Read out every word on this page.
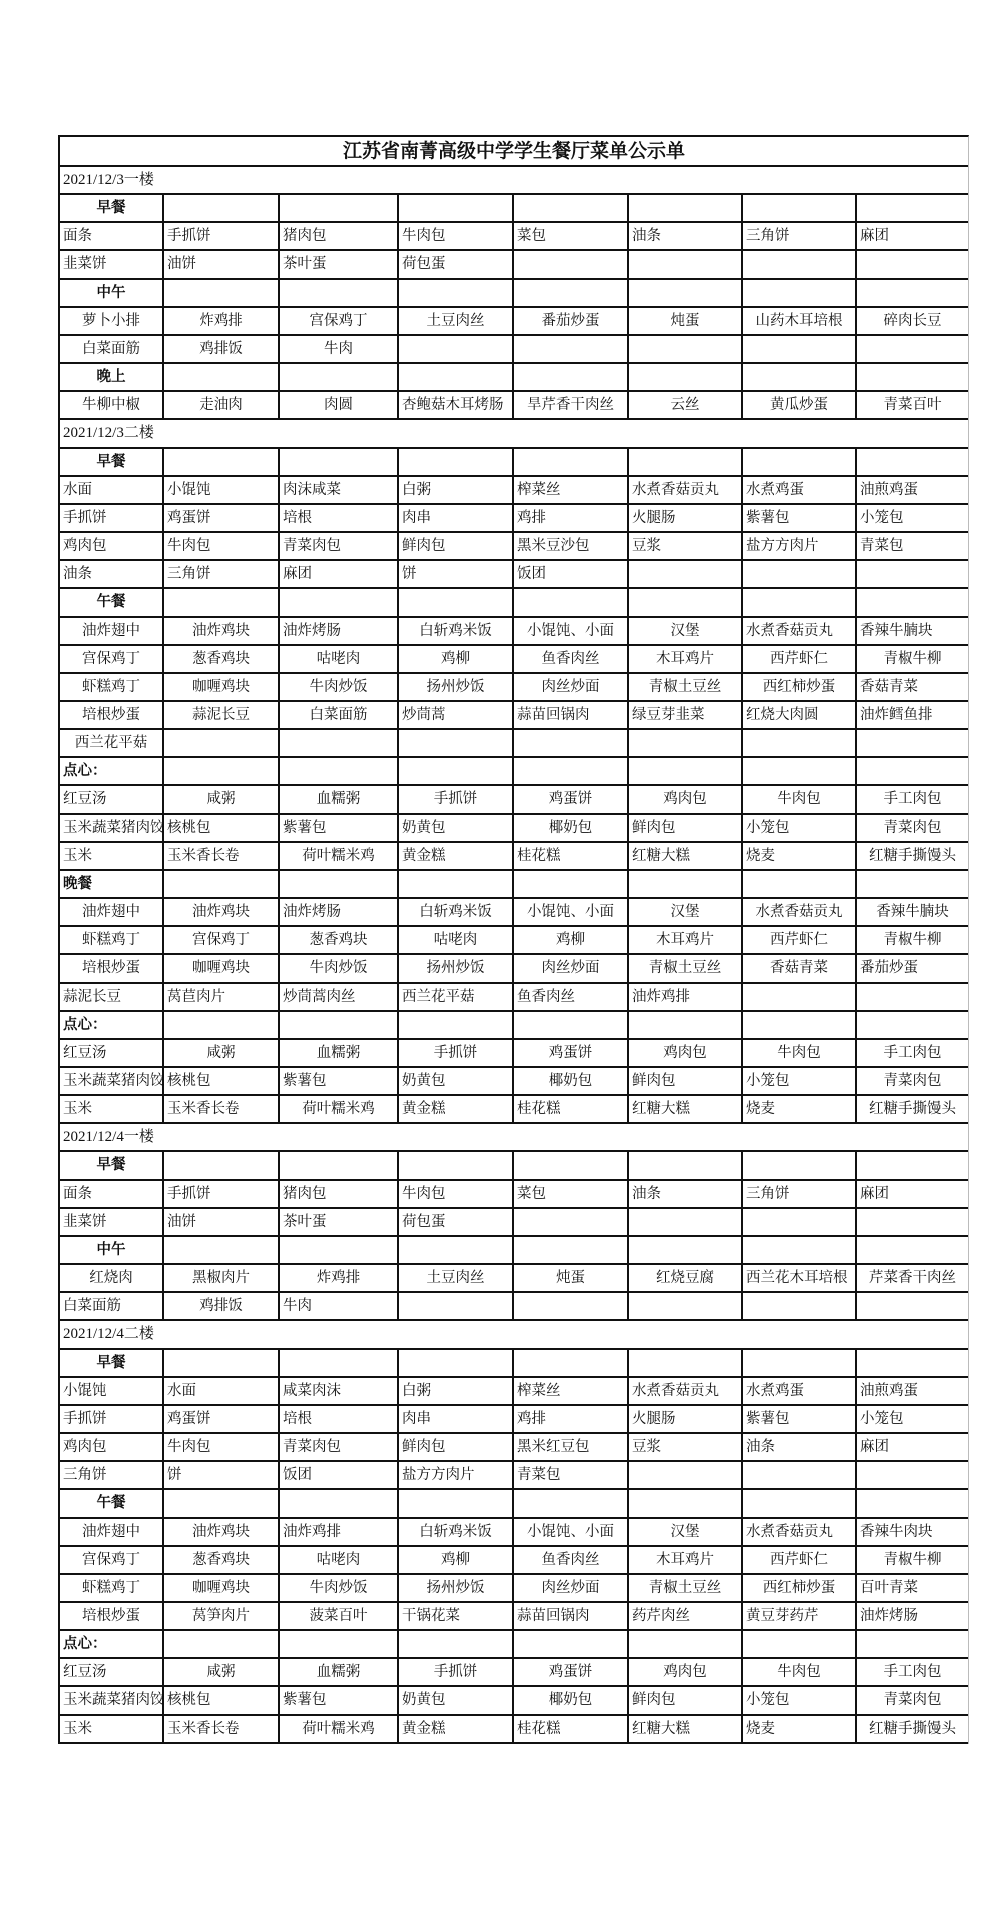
江苏省南菁高级中学学生餐厅菜单公示单
2021/12/3一楼
早餐
面条	手抓饼	猪肉包	牛肉包	菜包	油条	三角饼	麻团
韭菜饼	油饼	茶叶蛋	荷包蛋
中午
萝卜小排	炸鸡排	宫保鸡丁	土豆肉丝	番茄炒蛋	炖蛋	山药木耳培根	碎肉长豆
白菜面筋	鸡排饭	牛肉
晚上
牛柳中椒	走油肉	肉圆	杏鲍菇木耳烤肠	旱芹香干肉丝	云丝	黄瓜炒蛋	青菜百叶
2021/12/3二楼
早餐
水面	小馄饨	肉沫咸菜	白粥	榨菜丝	水煮香菇贡丸	水煮鸡蛋	油煎鸡蛋
手抓饼	鸡蛋饼	培根	肉串	鸡排	火腿肠	紫薯包	小笼包
鸡肉包	牛肉包	青菜肉包	鲜肉包	黑米豆沙包	豆浆	盐方方肉片	青菜包
油条	三角饼	麻团	饼	饭团
午餐
油炸翅中	油炸鸡块	油炸烤肠	白斩鸡米饭	小馄饨、小面	汉堡	水煮香菇贡丸	香辣牛腩块
宫保鸡丁	葱香鸡块	咕咾肉	鸡柳	鱼香肉丝	木耳鸡片	西芹虾仁	青椒牛柳
虾糕鸡丁	咖喱鸡块	牛肉炒饭	扬州炒饭	肉丝炒面	青椒土豆丝	西红柿炒蛋	香菇青菜
培根炒蛋	蒜泥长豆	白菜面筋	炒茼蒿	蒜苗回锅肉	绿豆芽韭菜	红烧大肉圆	油炸鳕鱼排
西兰花平菇
点心：
红豆汤	咸粥	血糯粥	手抓饼	鸡蛋饼	鸡肉包	牛肉包	手工肉包
玉米蔬菜猪肉饺 核桃包	紫薯包	奶黄包	椰奶包	鲜肉包	小笼包	青菜肉包
玉米	玉米香长卷	荷叶糯米鸡	黄金糕	桂花糕	红糖大糕	烧麦	红糖手撕馒头
晚餐
油炸翅中	油炸鸡块	油炸烤肠	白斩鸡米饭	小馄饨、小面	汉堡	水煮香菇贡丸	香辣牛腩块
虾糕鸡丁	宫保鸡丁	葱香鸡块	咕咾肉	鸡柳	木耳鸡片	西芹虾仁	青椒牛柳
培根炒蛋	咖喱鸡块	牛肉炒饭	扬州炒饭	肉丝炒面	青椒土豆丝	香菇青菜	番茄炒蛋
蒜泥长豆	莴苣肉片	炒茼蒿肉丝	西兰花平菇	鱼香肉丝	油炸鸡排
点心：
红豆汤	咸粥	血糯粥	手抓饼	鸡蛋饼	鸡肉包	牛肉包	手工肉包
玉米蔬菜猪肉饺 核桃包	紫薯包	奶黄包	椰奶包	鲜肉包	小笼包	青菜肉包
玉米	玉米香长卷	荷叶糯米鸡	黄金糕	桂花糕	红糖大糕	烧麦	红糖手撕馒头
2021/12/4一楼
早餐
面条	手抓饼	猪肉包	牛肉包	菜包	油条	三角饼	麻团
韭菜饼	油饼	茶叶蛋	荷包蛋
中午
红烧肉	黑椒肉片	炸鸡排	土豆肉丝	炖蛋	红烧豆腐	西兰花木耳培根	芹菜香干肉丝
白菜面筋	鸡排饭	牛肉
2021/12/4二楼
早餐
小馄饨	水面	咸菜肉沫	白粥	榨菜丝	水煮香菇贡丸	水煮鸡蛋	油煎鸡蛋
手抓饼	鸡蛋饼	培根	肉串	鸡排	火腿肠	紫薯包	小笼包
鸡肉包	牛肉包	青菜肉包	鲜肉包	黑米红豆包	豆浆	油条	麻团
三角饼	饼	饭团	盐方方肉片	青菜包
午餐
油炸翅中	油炸鸡块	油炸鸡排	白斩鸡米饭	小馄饨、小面	汉堡	水煮香菇贡丸	香辣牛肉块
宫保鸡丁	葱香鸡块	咕咾肉	鸡柳	鱼香肉丝	木耳鸡片	西芹虾仁	青椒牛柳
虾糕鸡丁	咖喱鸡块	牛肉炒饭	扬州炒饭	肉丝炒面	青椒土豆丝	西红柿炒蛋	百叶青菜
培根炒蛋	莴笋肉片	菠菜百叶	干锅花菜	蒜苗回锅肉	药芹肉丝	黄豆芽药芹	油炸烤肠
点心：
红豆汤	咸粥	血糯粥	手抓饼	鸡蛋饼	鸡肉包	牛肉包	手工肉包
玉米蔬菜猪肉饺 核桃包	紫薯包	奶黄包	椰奶包	鲜肉包	小笼包	青菜肉包
玉米	玉米香长卷	荷叶糯米鸡	黄金糕	桂花糕	红糖大糕	烧麦	红糖手撕馒头
